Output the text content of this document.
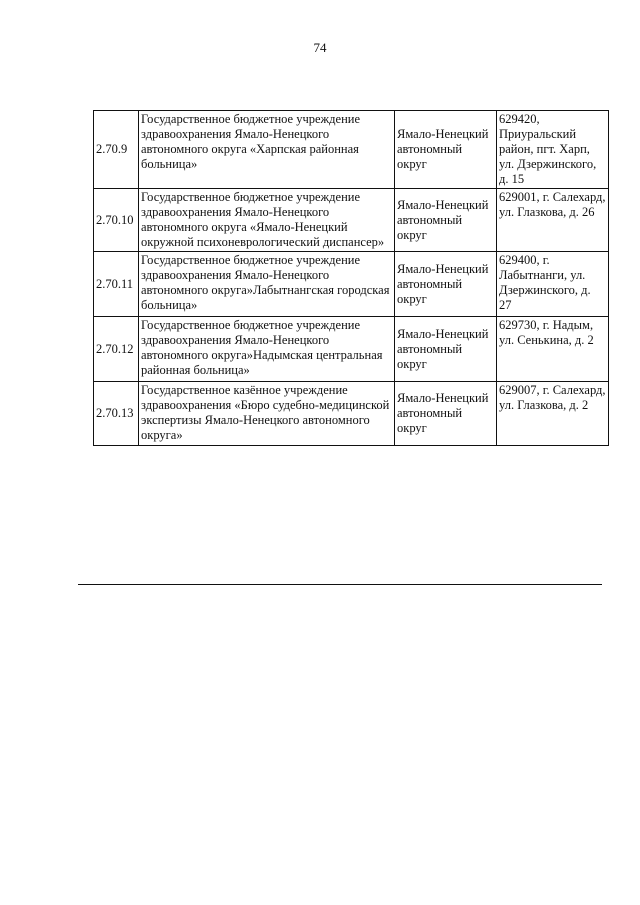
74
2.70.9	Государственное бюджетное учреждение здравоохранения Ямало-Ненецкого автономного округа «Харпская районная больница»	Ямало-Ненецкий автономный округ	629420, Приуральский район, пгт. Харп, ул. Дзержинского, д. 15
2.70.10	Государственное бюджетное учреждение здравоохранения Ямало-Ненецкого автономного округа «Ямало-Ненецкий окружной психоневрологический диспансер»	Ямало-Ненецкий автономный округ	629001, г. Салехард, ул. Глазкова, д. 26
2.70.11	Государственное бюджетное учреждение здравоохранения Ямало-Ненецкого автономного округа»Лабытнангская городская больница»	Ямало-Ненецкий автономный округ	629400, г. Лабытнанги, ул. Дзержинского, д. 27
2.70.12	Государственное бюджетное учреждение здравоохранения Ямало-Ненецкого автономного округа»Надымская центральная районная больница»	Ямало-Ненецкий автономный округ	629730, г. Надым, ул. Сенькина, д. 2
2.70.13	Государственное казённое учреждение здравоохранения «Бюро судебно-медицинской экспертизы Ямало-Ненецкого автономного округа»	Ямало-Ненецкий автономный округ	629007, г. Салехард, ул. Глазкова, д. 2
